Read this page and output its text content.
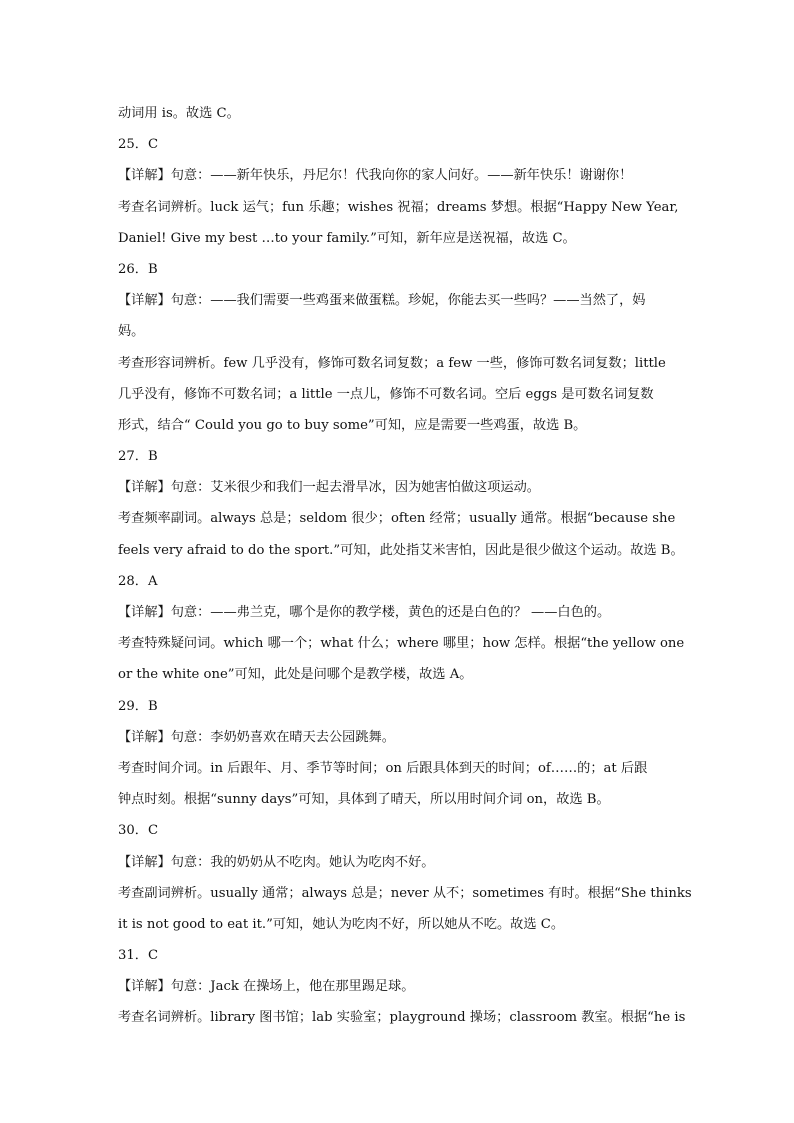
动词用 is。故选 C。
25．C
【详解】句意：——新年快乐，丹尼尔！代我向你的家人问好。——新年快乐！谢谢你！
考查名词辨析。luck 运气；fun 乐趣；wishes 祝福；dreams 梦想。根据“Happy New Year,
Daniel! Give my best …to your family.”可知，新年应是送祝福，故选 C。
26．B
【详解】句意：——我们需要一些鸡蛋来做蛋糕。珍妮，你能去买一些吗？——当然了，妈
妈。
考查形容词辨析。few 几乎没有，修饰可数名词复数；a few 一些，修饰可数名词复数；little
几乎没有，修饰不可数名词；a little 一点儿，修饰不可数名词。空后 eggs 是可数名词复数
形式，结合“ Could you go to buy some”可知，应是需要一些鸡蛋，故选 B。
27．B
【详解】句意：艾米很少和我们一起去滑旱冰，因为她害怕做这项运动。
考查频率副词。always 总是；seldom 很少；often 经常；usually 通常。根据“because she
feels very afraid to do the sport.”可知，此处指艾米害怕，因此是很少做这个运动。故选 B。
28．A
【详解】句意：——弗兰克，哪个是你的教学楼，黄色的还是白色的？ ——白色的。
考查特殊疑问词。which 哪一个；what 什么；where 哪里；how 怎样。根据“the yellow one
or the white one”可知，此处是问哪个是教学楼，故选 A。
29．B
【详解】句意：李奶奶喜欢在晴天去公园跳舞。
考查时间介词。in 后跟年、月、季节等时间；on 后跟具体到天的时间；of……的；at 后跟
钟点时刻。根据“sunny days”可知，具体到了晴天，所以用时间介词 on，故选 B。
30．C
【详解】句意：我的奶奶从不吃肉。她认为吃肉不好。
考查副词辨析。usually 通常；always 总是；never 从不；sometimes 有时。根据“She thinks
it is not good to eat it.”可知，她认为吃肉不好，所以她从不吃。故选 C。
31．C
【详解】句意：Jack 在操场上，他在那里踢足球。
考查名词辨析。library 图书馆；lab 实验室；playground 操场；classroom 教室。根据“he is
